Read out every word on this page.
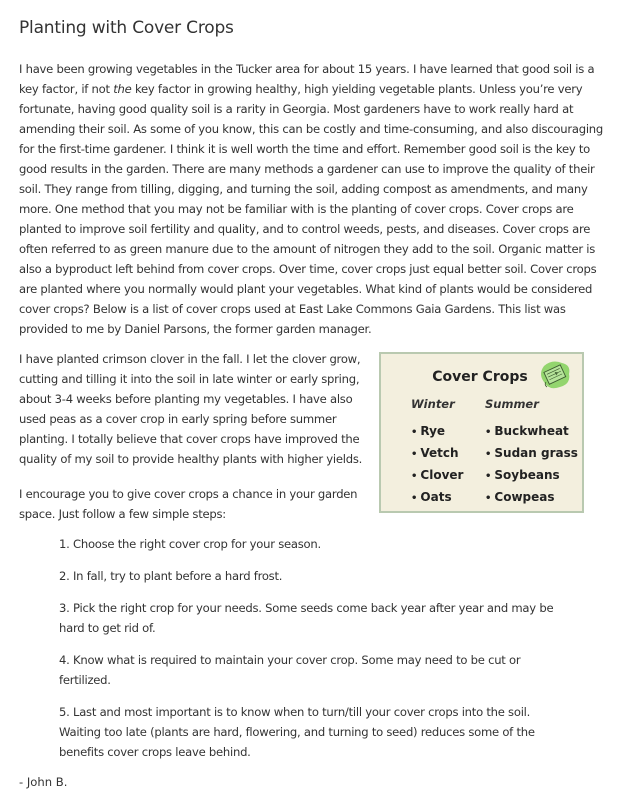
Planting with Cover Crops

I have been growing vegetables in the Tucker area for about 15 years. I have learned that good soil is a key factor, if not the key factor in growing healthy, high yielding vegetable plants. Unless you’re very fortunate, having good quality soil is a rarity in Georgia. Most gardeners have to work really hard at amending their soil. As some of you know, this can be costly and time-consuming, and also discouraging for the first-time gardener. I think it is well worth the time and effort. Remember good soil is the key to good results in the garden. There are many methods a gardener can use to improve the quality of their soil. They range from tilling, digging, and turning the soil, adding compost as amendments, and many more. One method that you may not be familiar with is the planting of cover crops. Cover crops are planted to improve soil fertility and quality, and to control weeds, pests, and diseases. Cover crops are often referred to as green manure due to the amount of nitrogen they add to the soil. Organic matter is also a byproduct left behind from cover crops. Over time, cover crops just equal better soil. Cover crops are planted where you normally would plant your vegetables. What kind of plants would be considered cover crops? Below is a list of cover crops used at East Lake Commons Gaia Gardens. This list was provided to me by Daniel Parsons, the former garden manager.

I have planted crimson clover in the fall. I let the clover grow, cutting and tilling it into the soil in late winter or early spring, about 3-4 weeks before planting my vegetables. I have also used peas as a cover crop in early spring before summer planting. I totally believe that cover crops have improved the quality of my soil to provide healthy plants with higher yields.

I encourage you to give cover crops a chance in your garden space. Just follow a few simple steps:

Cover Crops
Winter
• Rye
• Vetch
• Clover
• Oats
Summer
• Buckwheat
• Sudan grass
• Soybeans
• Cowpeas

1. Choose the right cover crop for your season.

2. In fall, try to plant before a hard frost.

3. Pick the right crop for your needs. Some seeds come back year after year and may be hard to get rid of.

4. Know what is required to maintain your cover crop. Some may need to be cut or fertilized.

5. Last and most important is to know when to turn/till your cover crops into the soil. Waiting too late (plants are hard, flowering, and turning to seed) reduces some of the benefits cover crops leave behind.

- John B.
